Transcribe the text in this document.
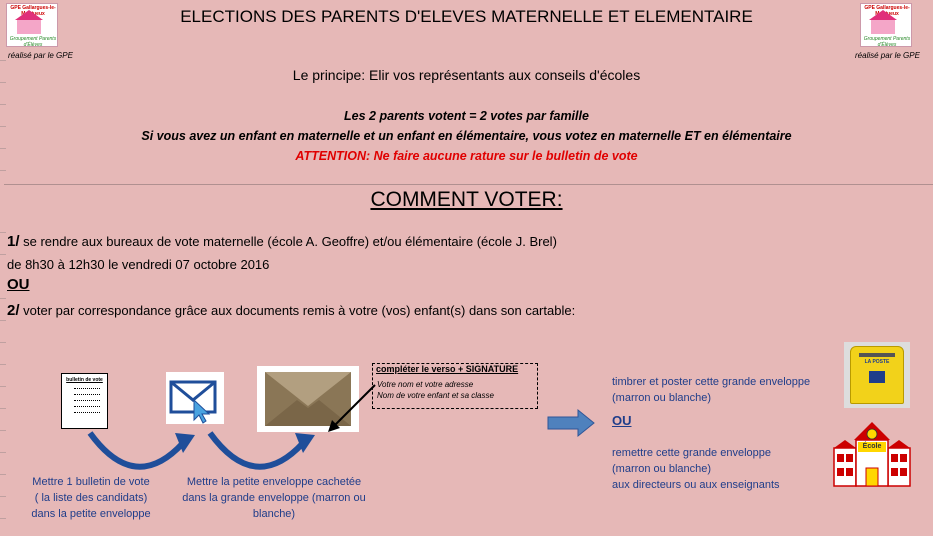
ELECTIONS DES PARENTS D'ELEVES MATERNELLE ET ELEMENTAIRE
GPE Gallargues-le-Montueux
Groupement Parents d'Élèves
réalisé par le GPE
GPE Gallargues-le-Montueux
Groupement Parents d'Élèves
réalisé par le GPE
Le principe: Elir vos représentants aux conseils d'écoles
Les 2 parents votent = 2 votes par famille
Si vous avez un enfant en maternelle et un enfant en élémentaire, vous votez en maternelle ET en élémentaire
ATTENTION: Ne faire aucune rature sur le bulletin de vote
COMMENT VOTER:
1/ se rendre aux bureaux de vote maternelle (école A. Geoffre) et/ou élémentaire (école J. Brel)
de 8h30 à 12h30 le vendredi 07 octobre 2016
OU
2/ voter par correspondance grâce aux documents remis à votre (vos) enfant(s) dans son cartable:
bulletin de vote
compléter le verso + SIGNATURE
Votre nom et votre adresse
Nom de votre enfant et sa classe
Mettre 1 bulletin de vote
( la liste des candidats)
dans la petite enveloppe
Mettre la petite enveloppe cachetée
dans la grande enveloppe (marron ou
blanche)
timbrer et poster cette grande enveloppe
(marron ou blanche)
OU
remettre cette grande enveloppe
(marron ou blanche)
aux directeurs ou aux enseignants
LA POSTE
École
